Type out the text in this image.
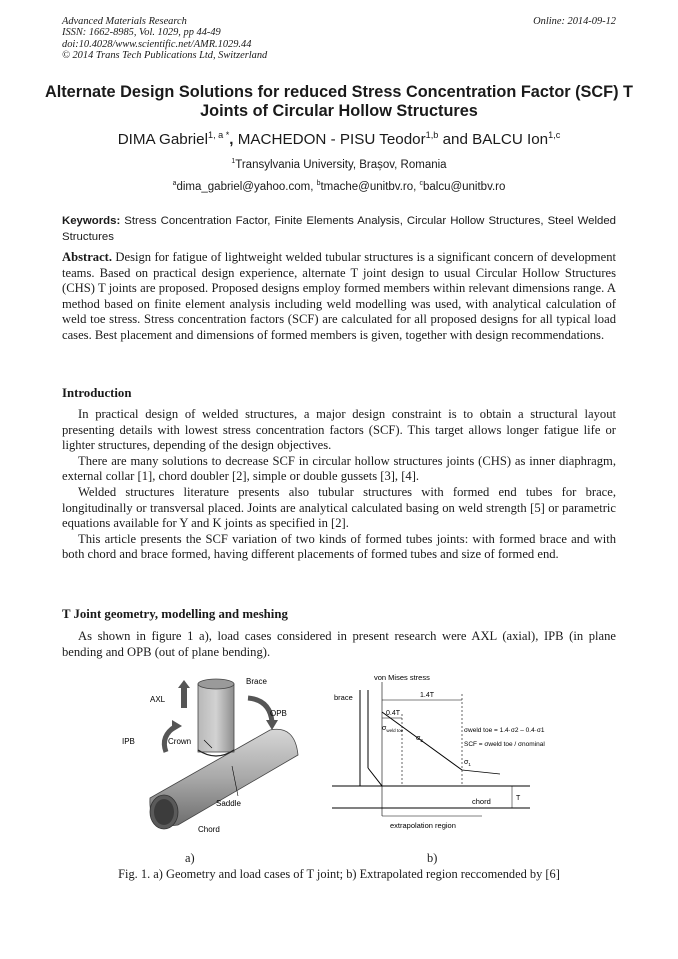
Advanced Materials Research
ISSN: 1662-8985, Vol. 1029, pp 44-49
doi:10.4028/www.scientific.net/AMR.1029.44
© 2014 Trans Tech Publications Ltd, Switzerland
Online: 2014-09-12
Alternate Design Solutions for reduced Stress Concentration Factor (SCF) T Joints of Circular Hollow Structures
DIMA Gabriel$^{1, a *}$, MACHEDON - PISU Teodor$^{1,b}$ and BALCU Ion$^{1,c}$
$^1$Transylvania University, Brașov, Romania
$^a$dima_gabriel@yahoo.com, $^b$tmache@unitbv.ro, $^c$balcu@unitbv.ro
Keywords: Stress Concentration Factor, Finite Elements Analysis, Circular Hollow Structures, Steel Welded Structures
Abstract. Design for fatigue of lightweight welded tubular structures is a significant concern of development teams. Based on practical design experience, alternate T joint design to usual Circular Hollow Structures (CHS) T joints are proposed. Proposed designs employ formed members within relevant dimensions range. A method based on finite element analysis including weld modelling was used, with analytical calculation of weld toe stress. Stress concentration factors (SCF) are calculated for all proposed designs for all typical load cases. Best placement and dimensions of formed members is given, together with design recommendations.
Introduction

In practical design of welded structures, a major design constraint is to obtain a structural layout presenting details with lowest stress concentration factors (SCF). This target allows longer fatigue life or lighter structures, depending of the design objectives.

There are many solutions to decrease SCF in circular hollow structures joints (CHS) as inner diaphragm, external collar [1], chord doubler [2], simple or double gussets [3], [4].

Welded structures literature presents also tubular structures with formed end tubes for brace, longitudinally or transversal placed. Joints are analytical calculated basing on weld strength [5] or parametric equations available for Y and K joints as specified in [2].

This article presents the SCF variation of two kinds of formed tubes joints: with formed brace and with both chord and brace formed, having different placements of formed tubes and size of formed end.

T Joint geometry, modelling and meshing

As shown in figure 1 a), load cases considered in present research were AXL (axial), IPB (in plane bending and OPB (out of plane bending).

AXL
Brace
OPB
IPB	Crown
Saddle
Chord
von Mises stress
brace	1.4T
0.4T
$\sigma_{weld toe}$
$\sigma_2$
$\sigma_1$
σweld toe = 1.4·σ2 – 0.4·σ1
SCF = σweld toe / σnominal
T
chord
extrapolation region
a)	b)
Fig. 1. a) Geometry and load cases of T joint; b) Extrapolated region reccomended by [6]
